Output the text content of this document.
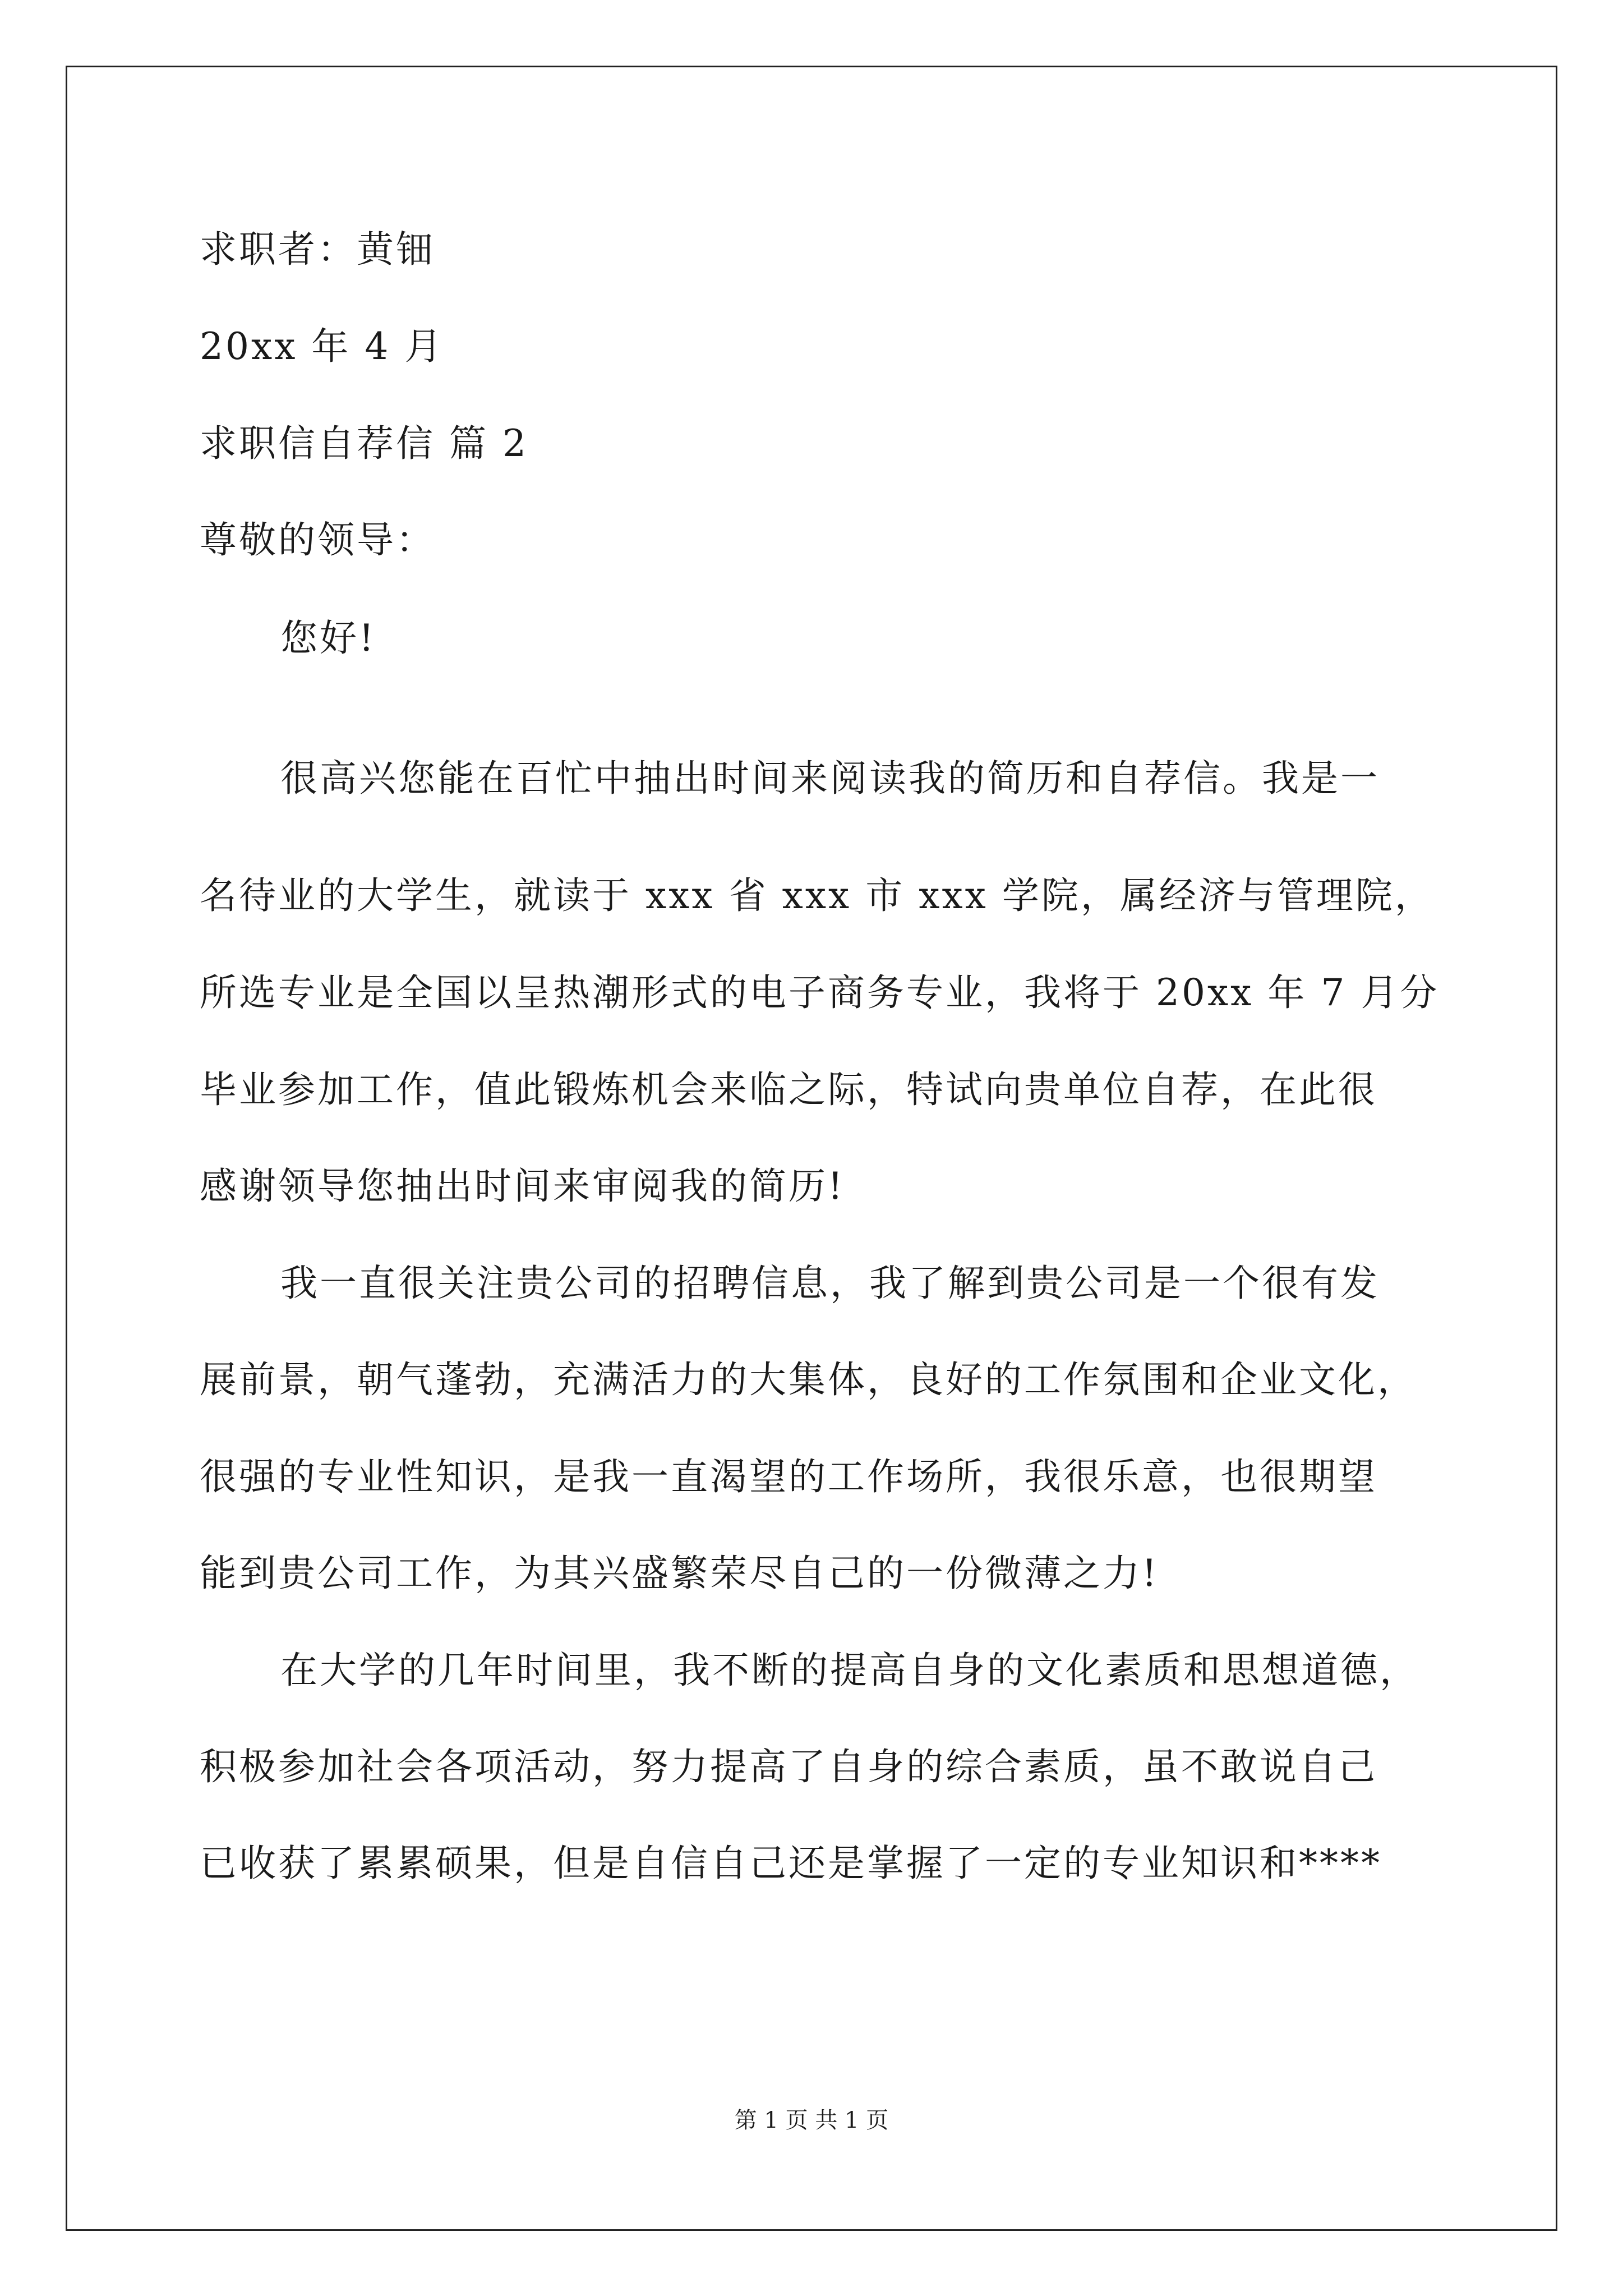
求职者：黄钿
20xx 年 4 月
求职信自荐信 篇 2
尊敬的领导：
您好!
很高兴您能在百忙中抽出时间来阅读我的简历和自荐信。我是一
名待业的大学生，就读于 xxx 省 xxx 市 xxx 学院，属经济与管理院，
所选专业是全国以呈热潮形式的电子商务专业，我将于 20xx 年 7 月分
毕业参加工作，值此锻炼机会来临之际，特试向贵单位自荐，在此很
感谢领导您抽出时间来审阅我的简历!
我一直很关注贵公司的招聘信息，我了解到贵公司是一个很有发
展前景，朝气蓬勃，充满活力的大集体，良好的工作氛围和企业文化，
很强的专业性知识，是我一直渴望的工作场所，我很乐意，也很期望
能到贵公司工作，为其兴盛繁荣尽自己的一份微薄之力!
在大学的几年时间里，我不断的提高自身的文化素质和思想道德，
积极参加社会各项活动，努力提高了自身的综合素质，虽不敢说自己
已收获了累累硕果，但是自信自己还是掌握了一定的专业知识和****
第 1 页 共 1 页
